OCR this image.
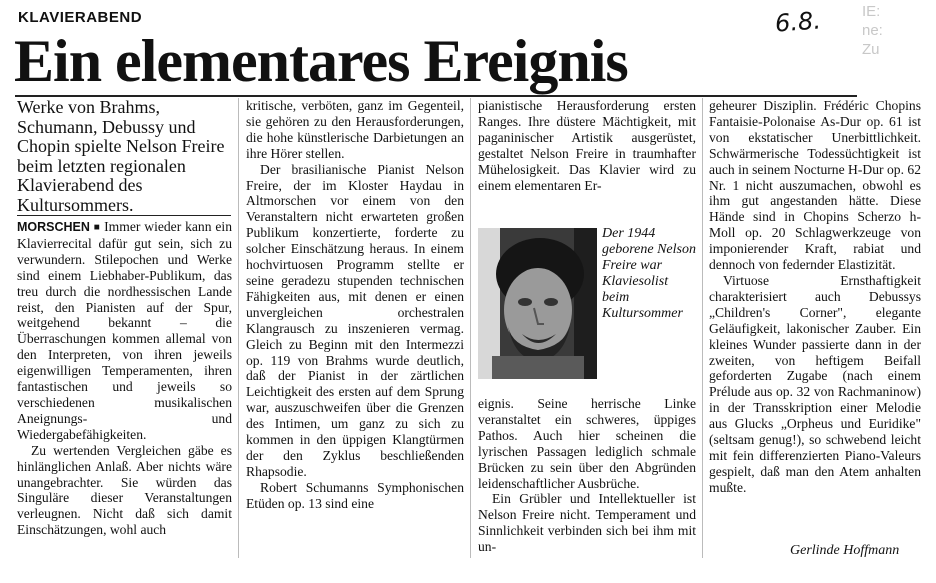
KLAVIERABEND	6.8.	IE:
ne:
Zu
Ein elementares Ereignis
Werke von Brahms, Schumann, Debussy und Chopin spielte Nelson Freire beim letzten regionalen Klavierabend des Kultursommers.

MORSCHEN ■ Immer wieder kann ein Klavierrecital dafür gut sein, sich zu verwundern. Stilepochen und Werke sind einem Liebhaber-Publikum, das treu durch die nordhessischen Lande reist, den Pianisten auf der Spur, weitgehend bekannt – die Überraschungen kommen allemal von den Interpreten, von ihren jeweils eigenwilligen Temperamenten, ihren fantastischen und jeweils so verschiedenen musikalischen Aneignungs- und Wiedergabefähigkeiten.

Zu wertenden Vergleichen gäbe es hinlänglichen Anlaß. Aber nichts wäre unangebrachter. Sie würden das Singuläre dieser Veranstaltungen verleugnen. Nicht daß sich damit Einschätzungen, wohl auch

kritische, verböten, ganz im Gegenteil, sie gehören zu den Herausforderungen, die hohe künstlerische Darbietungen an ihre Hörer stellen.

Der brasilianische Pianist Nelson Freire, der im Kloster Haydau in Altmorschen vor einem von den Veranstaltern nicht erwarteten großen Publikum konzertierte, forderte zu solcher Einschätzung heraus. In einem hochvirtuosen Programm stellte er seine geradezu stupenden technischen Fähigkeiten aus, mit denen er einen unvergleichen orchestralen Klangrausch zu inszenieren vermag. Gleich zu Beginn mit den Intermezzi op. 119 von Brahms wurde deutlich, daß der Pianist in der zärtlichen Leichtigkeit des ersten auf dem Sprung war, auszuschweifen über die Grenzen des Intimen, um ganz zu sich zu kommen in den üppigen Klangtürmen der den Zyklus beschließenden Rhapsodie.

Robert Schumanns Symphonischen Etüden op. 13 sind eine

pianistische Herausforderung ersten Ranges. Ihre düstere Mächtigkeit, mit paganinischer Artistik ausgerüstet, gestaltet Nelson Freire in traumhafter Mühelosigkeit. Das Klavier wird zu einem elementaren Er-

Der 1944 geborene Nelson Freire war Klaviesolist beim Kultursommer

eignis. Seine herrische Linke veranstaltet ein schweres, üppiges Pathos. Auch hier scheinen die lyrischen Passagen lediglich schmale Brücken zu sein über den Abgründen leidenschaftlicher Ausbrüche.

Ein Grübler und Intellektueller ist Nelson Freire nicht. Temperament und Sinnlichkeit verbinden sich bei ihm mit un-

geheurer Disziplin. Frédéric Chopins Fantaisie-Polonaise As-Dur op. 61 ist von ekstatischer Unerbittlichkeit. Schwärmerische Todessüchtigkeit ist auch in seinem Nocturne H-Dur op. 62 Nr. 1 nicht auszumachen, obwohl es ihm gut angestanden hätte. Diese Hände sind in Chopins Scherzo h-Moll op. 20 Schlagwerkzeuge von imponierender Kraft, rabiat und dennoch von federnder Elastizität.

Virtuose Ernsthaftigkeit charakterisiert auch Debussys „Children's Corner", elegante Geläufigkeit, lakonischer Zauber. Ein kleines Wunder passierte dann in der zweiten, von heftigem Beifall geforderten Zugabe (nach einem Prélude aus op. 32 von Rachmaninow) in der Transskription einer Melodie aus Glucks „Orpheus und Euridike" (seltsam genug!), so schwebend leicht mit fein differenzierten Piano-Valeurs gespielt, daß man den Atem anhalten mußte.

Gerlinde Hoffmann
